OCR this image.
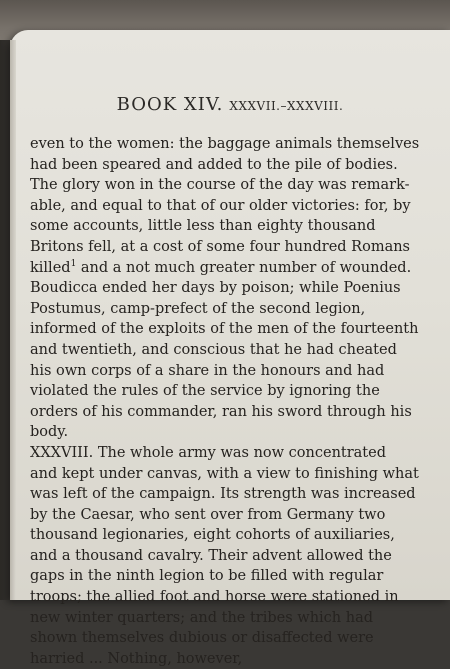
BOOK XIV. XXXVII.–XXXVIII.
even to the women: the baggage animals themselves
had been speared and added to the pile of bodies.
The glory won in the course of the day was remark-
able, and equal to that of our older victories: for, by
some accounts, little less than eighty thousand
Britons fell, at a cost of some four hundred Romans
killed$^1$ and a not much greater number of wounded.
Boudicca ended her days by poison; while Poenius
Postumus, camp-prefect of the second legion,
informed of the exploits of the men of the fourteenth
and twentieth, and conscious that he had cheated
his own corps of a share in the honours and had
violated the rules of the service by ignoring the
orders of his commander, ran his sword through his
body.
XXXVIII. The whole army was now concentrated
and kept under canvas, with a view to finishing what
was left of the campaign. Its strength was increased
by the Caesar, who sent over from Germany two
thousand legionaries, eight cohorts of auxiliaries,
and a thousand cavalry. Their advent allowed the
gaps in the ninth legion to be filled with regular
troops; the allied foot and horse were stationed in
new winter quarters; and the tribes which had
shown themselves dubious or disaffected were
harried ... Nothing, however,
